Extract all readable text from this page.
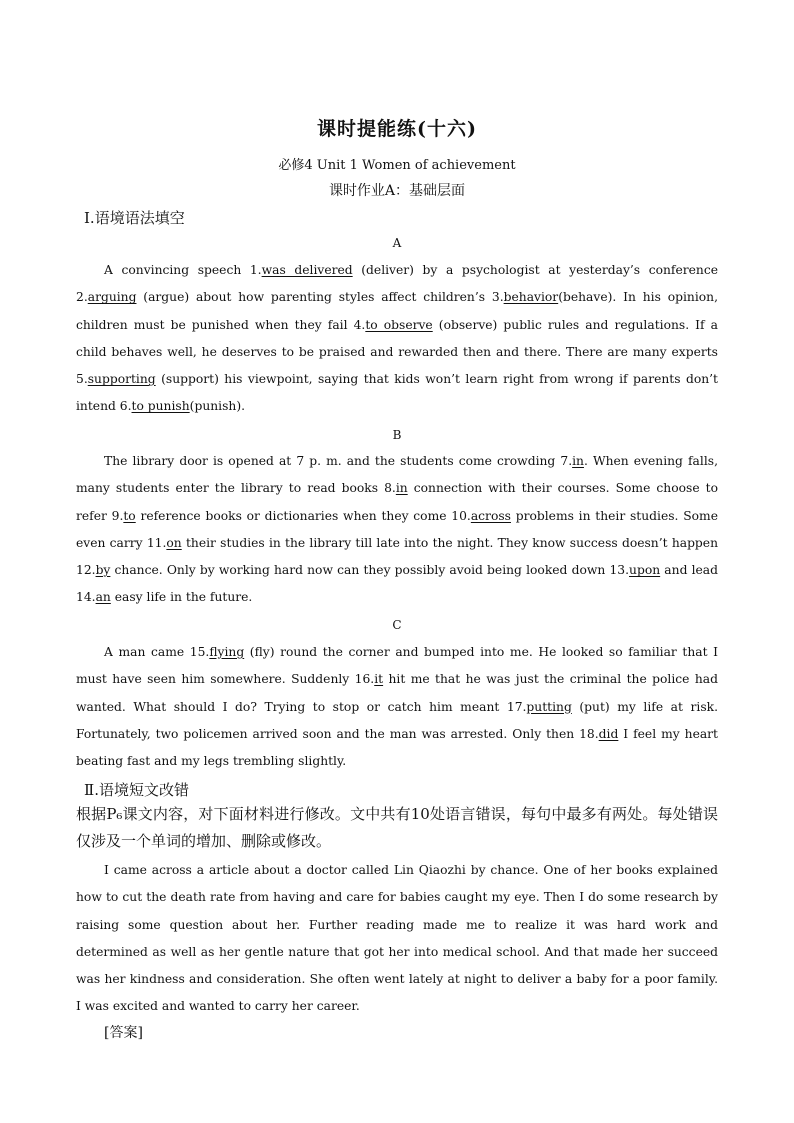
课时提能练(十六)
必修4 Unit 1 Women of achievement
课时作业A：基础层面
Ⅰ.语境语法填空
A

A convincing speech 1.was delivered (deliver) by a psychologist at yesterday’s conference 2.arguing (argue) about how parenting styles affect children’s 3.behavior(behave). In his opinion, children must be punished when they fail 4.to observe (observe) public rules and regulations. If a child behaves well, he deserves to be praised and rewarded then and there. There are many experts 5.supporting (support) his viewpoint, saying that kids won’t learn right from wrong if parents don’t intend 6.to punish(punish).

B

The library door is opened at 7 p. m. and the students come crowding 7.in. When evening falls, many students enter the library to read books 8.in connection with their courses. Some choose to refer 9.to reference books or dictionaries when they come 10.across problems in their studies. Some even carry 11.on their studies in the library till late into the night. They know success doesn’t happen 12.by chance. Only by working hard now can they possibly avoid being looked down 13.upon and lead 14.an easy life in the future.

C

A man came 15.flying (fly) round the corner and bumped into me. He looked so familiar that I must have seen him somewhere. Suddenly 16.it hit me that he was just the criminal the police had wanted. What should I do? Trying to stop or catch him meant 17.putting (put) my life at risk. Fortunately, two policemen arrived soon and the man was arrested. Only then 18.did I feel my heart beating fast and my legs trembling slightly.

Ⅱ.语境短文改错

根据P₆课文内容，对下面材料进行修改。文中共有10处语言错误，每句中最多有两处。每处错误仅涉及一个单词的增加、删除或修改。

I came across a article about a doctor called Lin Qiaozhi by chance. One of her books explained how to cut the death rate from having and care for babies caught my eye. Then I do some research by raising some question about her. Further reading made me to realize it was hard work and determined as well as her gentle nature that got her into medical school. And that made her succeed was her kindness and consideration. She often went lately at night to deliver a baby for a poor family. I was excited and wanted to carry her career.

[答案]
